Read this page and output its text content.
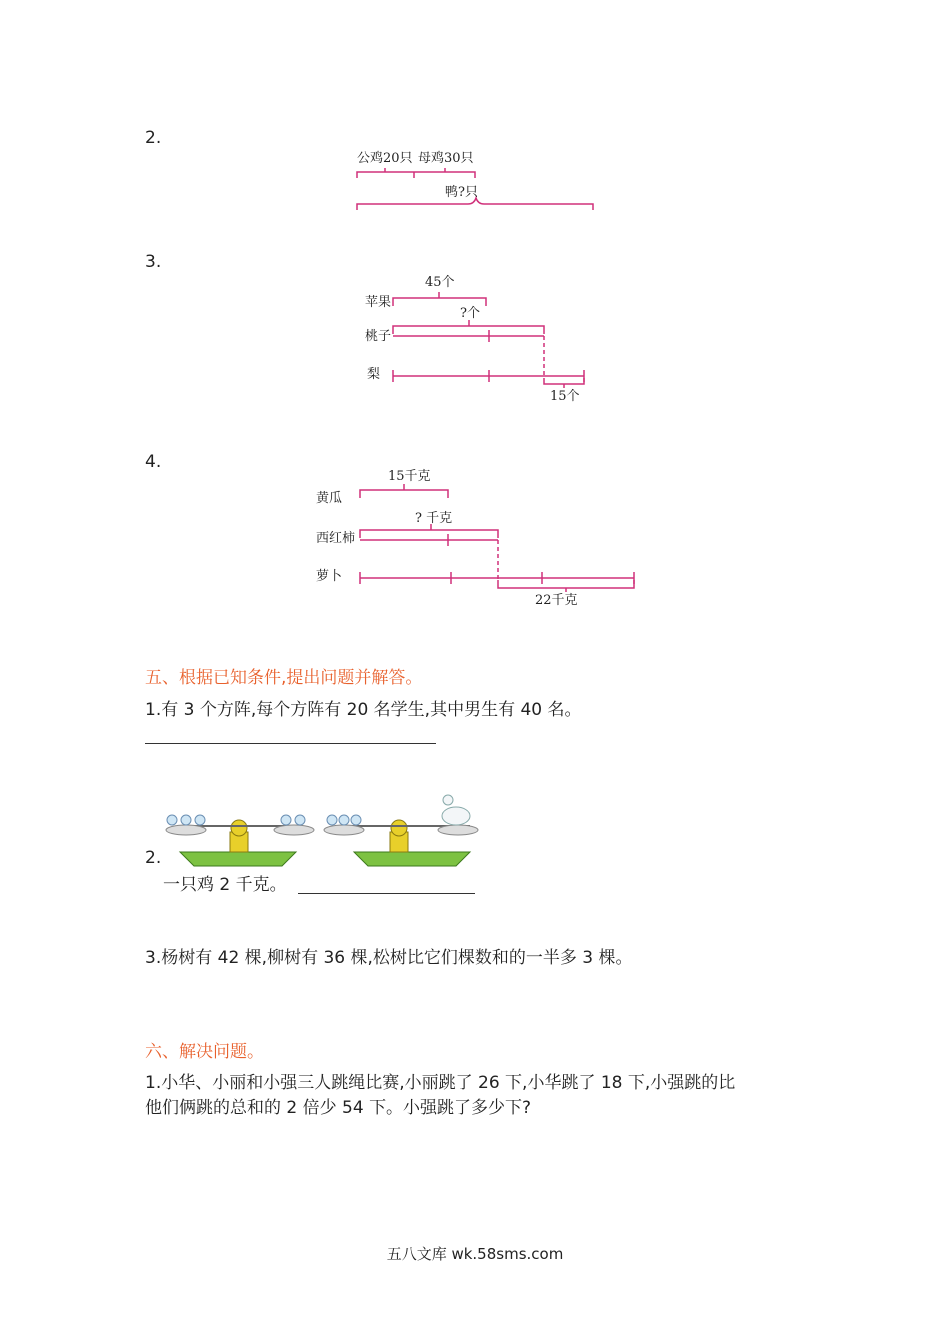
2.
公鸡20只 母鸡30只
鸭?只
3.
45个
苹果
?个
桃子
梨
15个
4.
15千克
黄瓜
? 千克
西红柿
萝卜
22千克
五、根据已知条件,提出问题并解答。
1.有 3 个方阵,每个方阵有 20 名学生,其中男生有 40 名。
2.
一只鸡 2 千克。
3.杨树有 42 棵,柳树有 36 棵,松树比它们棵数和的一半多 3 棵。
六、解决问题。
1.小华、小丽和小强三人跳绳比赛,小丽跳了 26 下,小华跳了 18 下,小强跳的比
他们俩跳的总和的 2 倍少 54 下。小强跳了多少下?
五八文库 wk.58sms.com
